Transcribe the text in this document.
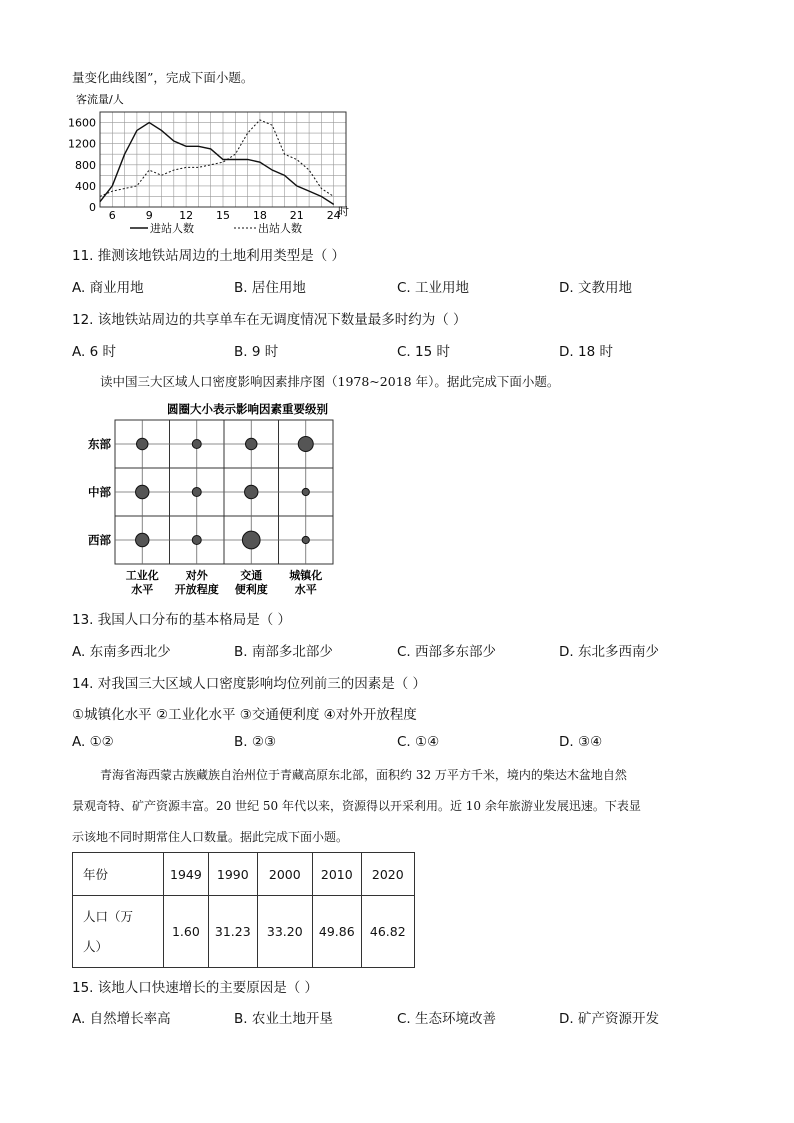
量变化曲线图”，完成下面小题。
客流量/人
0
400
800
1200
1600
6	9 12 15 18 21 24
时
进站人数	出站人数
11. 推测该地铁站周边的土地利用类型是（ ）
A. 商业用地	B. 居住用地	C. 工业用地	D. 文教用地
12. 该地铁站周边的共享单车在无调度情况下数量最多时约为（ ）
A. 6 时	B. 9 时	C. 15 时	D. 18 时
读中国三大区域人口密度影响因素排序图（1978~2018 年）。据此完成下面小题。
圆圈大小表示影响因素重要级别
东部
中部
西部
工业化
水平
对外
开放程度
交通
便利度
城镇化
水平
13. 我国人口分布的基本格局是（ ）
A. 东南多西北少	B. 南部多北部少	C. 西部多东部少	D. 东北多西南少
14. 对我国三大区域人口密度影响均位列前三的因素是（ ）
①城镇化水平 ②工业化水平 ③交通便利度 ④对外开放程度
A. ①②	B. ②③	C. ①④	D. ③④
青海省海西蒙古族藏族自治州位于青藏高原东北部，面积约 32 万平方千米，境内的柴达木盆地自然
景观奇特、矿产资源丰富。20 世纪 50 年代以来，资源得以开采利用。近 10 余年旅游业发展迅速。下表显
示该地不同时期常住人口数量。据此完成下面小题。
年份	1949	1990	2000	2010	2020

人口（万
人）	1.60	31.23	33.20	49.86	46.82
15. 该地人口快速增长的主要原因是（ ）
A. 自然增长率高	B. 农业土地开垦	C. 生态环境改善	D. 矿产资源开发
